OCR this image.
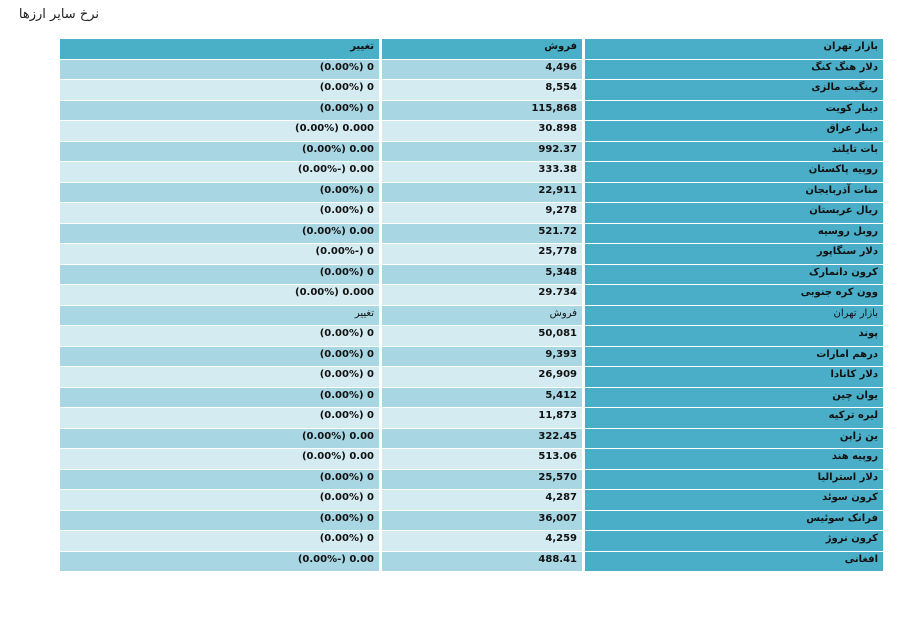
نرخ سایر ارزها
بازار تهران	فروش	تغییر
دلار هنگ کنگ	4,496	0 (0.00%)
رینگیت مالزی	8,554	0 (0.00%)
دینار کویت	115,868	0 (0.00%)
دینار عراق	30.898	0.000 (0.00%)
بات تایلند	992.37	0.00 (0.00%)
روپیه پاکستان	333.38	0.00 (-0.00%)
منات آذربایجان	22,911	0 (0.00%)
ریال عربستان	9,278	0 (0.00%)
روبل روسیه	521.72	0.00 (0.00%)
دلار سنگاپور	25,778	0 (-0.00%)
کرون دانمارک	5,348	0 (0.00%)
وون کره جنوبی	29.734	0.000 (0.00%)
بازار تهران	فروش	تغییر
پوند	50,081	0 (0.00%)
درهم امارات	9,393	0 (0.00%)
دلار کانادا	26,909	0 (0.00%)
یوان چین	5,412	0 (0.00%)
لیره ترکیه	11,873	0 (0.00%)
ین ژاپن	322.45	0.00 (0.00%)
روپیه هند	513.06	0.00 (0.00%)
دلار استرالیا	25,570	0 (0.00%)
کرون سوئد	4,287	0 (0.00%)
فرانک سوئیس	36,007	0 (0.00%)
کرون نروژ	4,259	0 (0.00%)
افغانی	488.41	0.00 (-0.00%)
